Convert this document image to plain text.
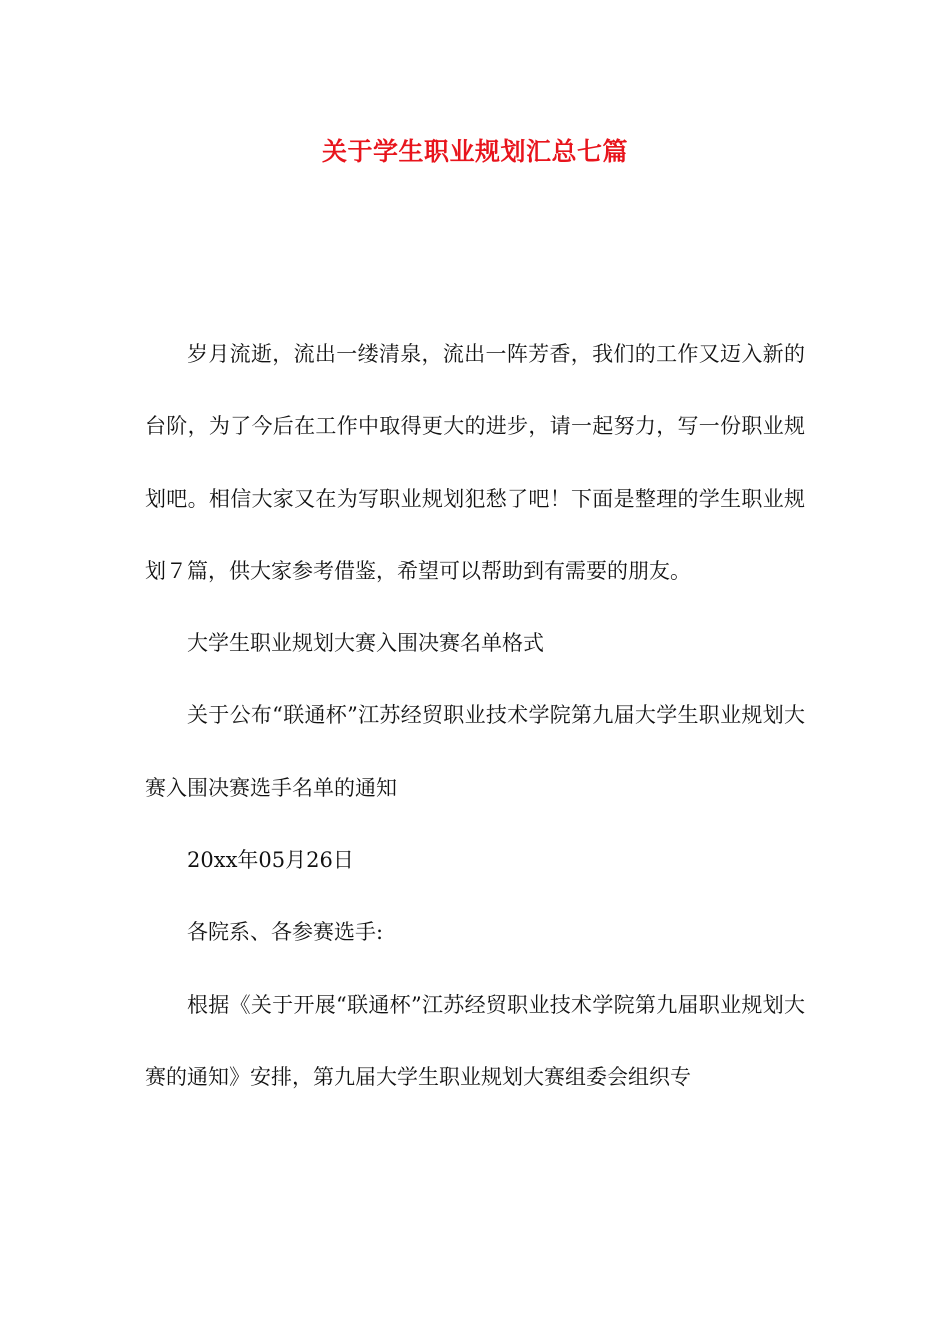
关于学生职业规划汇总七篇

岁月流逝，流出一缕清泉，流出一阵芳香，我们的工作又迈入新的台阶，为了今后在工作中取得更大的进步，请一起努力，写一份职业规划吧。相信大家又在为写职业规划犯愁了吧！下面是整理的学生职业规划７篇，供大家参考借鉴，希望可以帮助到有需要的朋友。

大学生职业规划大赛入围决赛名单格式

关于公布“联通杯”江苏经贸职业技术学院第九届大学生职业规划大赛入围决赛选手名单的通知

20xx年05月26日

各院系、各参赛选手:

根据《关于开展“联通杯”江苏经贸职业技术学院第九届职业规划大赛的通知》安排，第九届大学生职业规划大赛组委会组织专
